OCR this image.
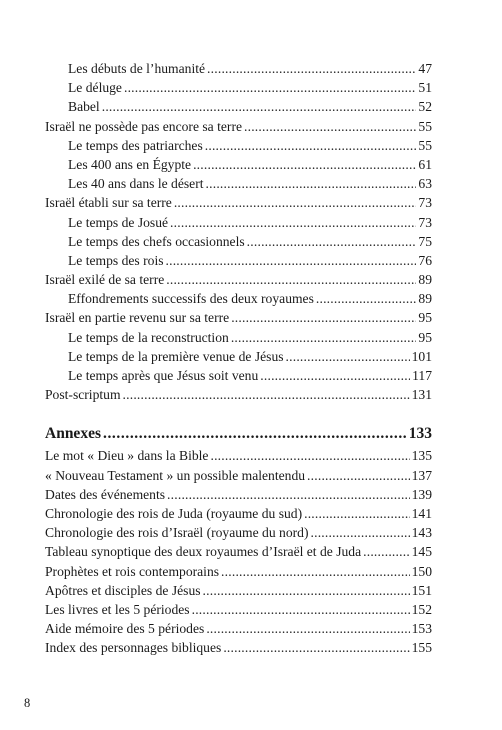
Les débuts de l’humanité .....	47
Le déluge .....	51
Babel .....	52
Israël ne possède pas encore sa terre .....	55
Le temps des patriarches .....	55
Les 400 ans en Égypte .....	61
Les 40 ans dans le désert .....	63
Israël établi sur sa terre .....	73
Le temps de Josué .....	73
Le temps des chefs occasionnels .....	75
Le temps des rois .....	76
Israël exilé de sa terre .....	89
Effondrements successifs des deux royaumes .....	89
Israël en partie revenu sur sa terre .....	95
Le temps de la reconstruction .....	95
Le temps de la première venue de Jésus .....	101
Le temps après que Jésus soit venu .....	117
Post-scriptum .....	131
Annexes .....	133
Le mot « Dieu » dans la Bible .....	135
« Nouveau Testament » un possible malentendu .....	137
Dates des événements .....	139
Chronologie des rois de Juda (royaume du sud) .....	141
Chronologie des rois d’Israël (royaume du nord) .....	143
Tableau synoptique des deux royaumes d’Israël et de Juda .....	145
Prophètes et rois contemporains .....	150
Apôtres et disciples de Jésus .....	151
Les livres et les 5 périodes .....	152
Aide mémoire des 5 périodes .....	153
Index des personnages bibliques .....	155
8
